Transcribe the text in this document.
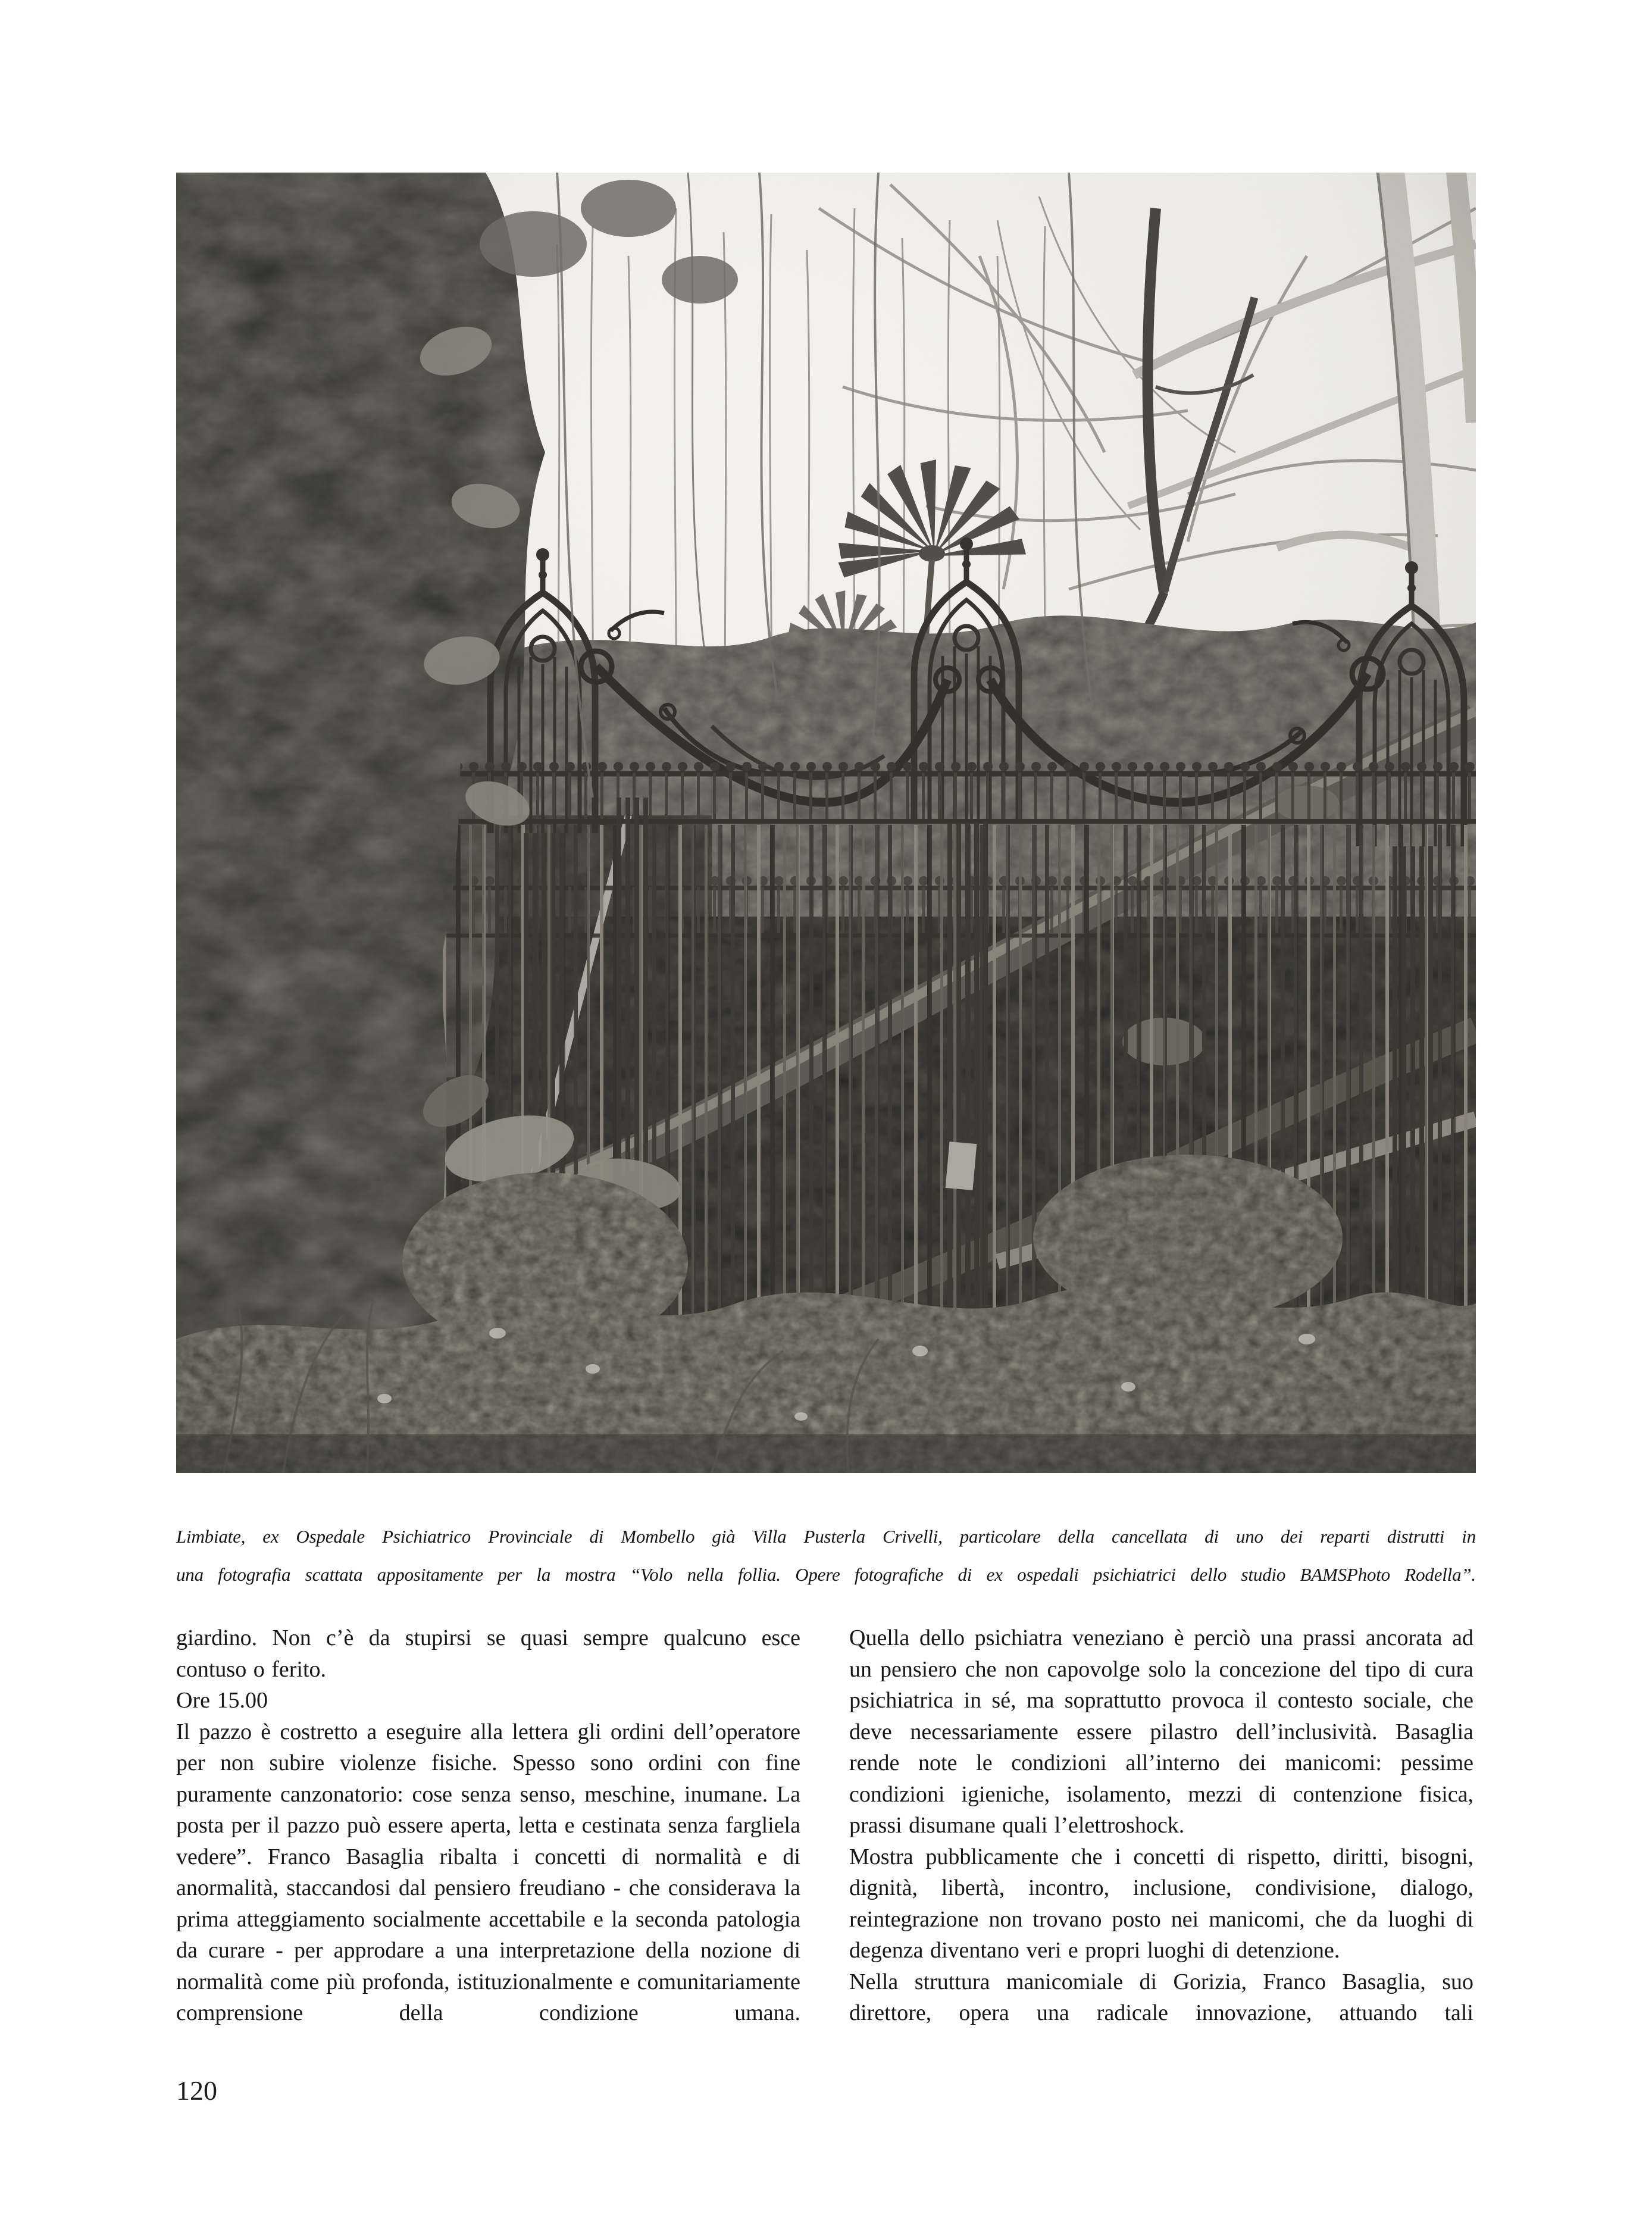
Limbiate, ex Ospedale Psichiatrico Provinciale di Mombello già Villa Pusterla Crivelli, particolare della cancellata di uno dei reparti distrutti in
una fotografia scattata appositamente per la mostra “Volo nella follia. Opere fotografiche di ex ospedali psichiatrici dello studio BAMSPhoto Rodella”.

giardino. Non c’è da stupirsi se quasi sempre qualcuno esce contuso o ferito.

Ore 15.00

Il pazzo è costretto a eseguire alla lettera gli ordini dell’operatore per non subire violenze fisiche. Spesso sono ordini con fine puramente canzonatorio: cose senza senso, meschine, inumane. La posta per il pazzo può essere aperta, letta e cestinata senza fargliela vedere”. Franco Basaglia ribalta i concetti di normalità e di anormalità, staccandosi dal pensiero freudiano - che considerava la prima atteggiamento socialmente accettabile e la seconda patologia da curare - per approdare a una interpretazione della nozione di normalità come più profonda, istituzionalmente e comunitariamente comprensione della condizione umana.

Quella dello psichiatra veneziano è perciò una prassi ancorata ad un pensiero che non capovolge solo la concezione del tipo di cura psichiatrica in sé, ma soprattutto provoca il contesto sociale, che deve necessariamente essere pilastro dell’inclusività. Basaglia rende note le condizioni all’interno dei manicomi: pessime condizioni igieniche, isolamento, mezzi di contenzione fisica, prassi disumane quali l’elettroshock.

Mostra pubblicamente che i concetti di rispetto, diritti, bisogni, dignità, libertà, incontro, inclusione, condivisione, dialogo, reintegrazione non trovano posto nei manicomi, che da luoghi di degenza diventano veri e propri luoghi di detenzione.

Nella struttura manicomiale di Gorizia, Franco Basaglia, suo direttore, opera una radicale innovazione, attuando tali

120
